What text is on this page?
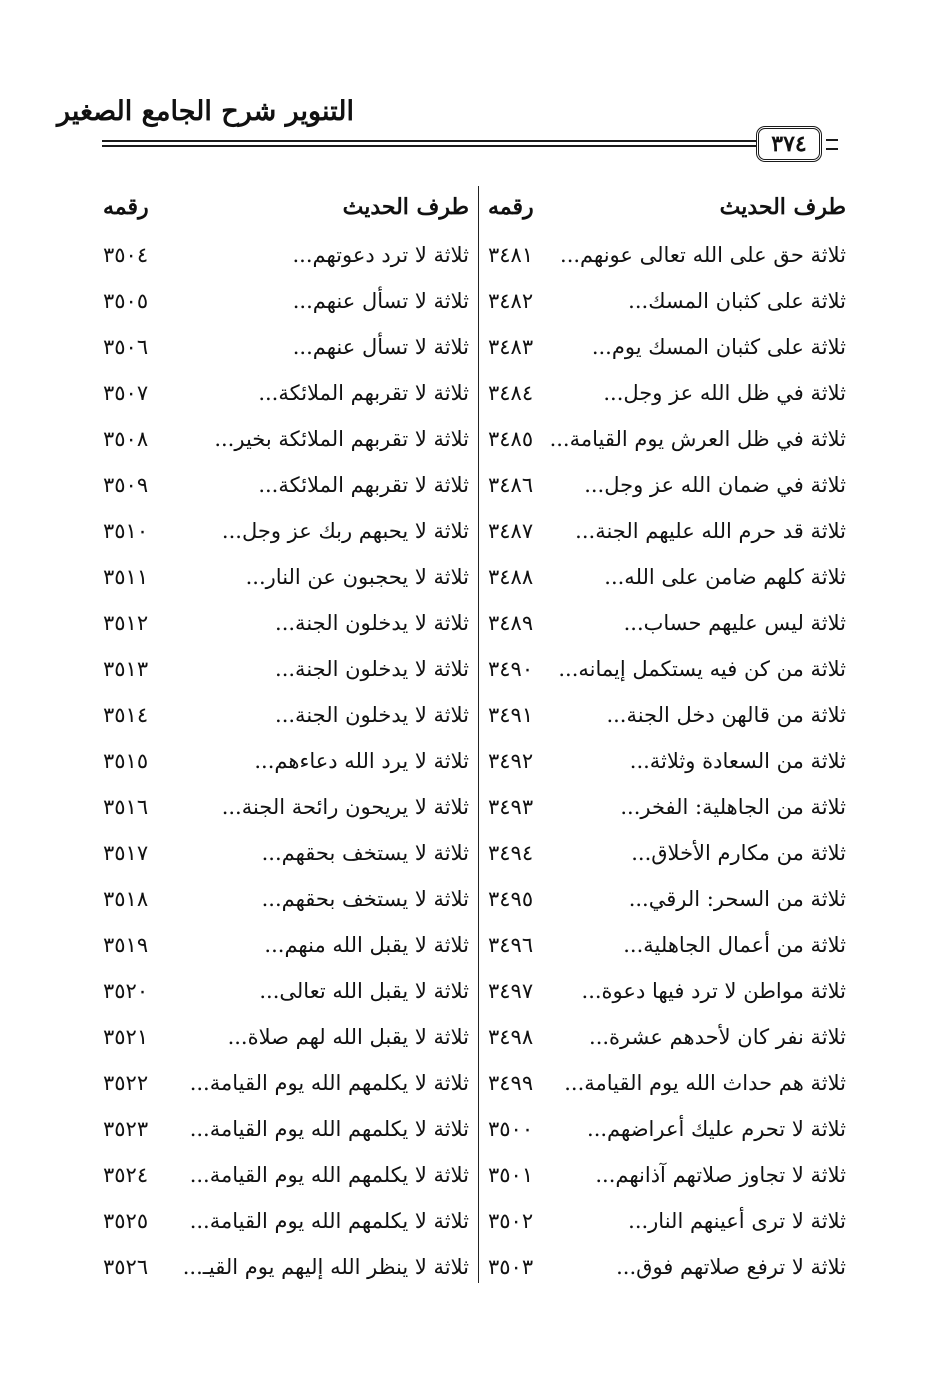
التنوير شرح الجامع الصغير
٣٧٤
طرف الحديث
رقمه
ثلاثة حق على الله تعالى عونهم...
٣٤٨١
ثلاثة على كثبان المسك...
٣٤٨٢
ثلاثة على كثبان المسك يوم...
٣٤٨٣
ثلاثة في ظل الله عز وجل...
٣٤٨٤
ثلاثة في ظل العرش يوم القيامة...
٣٤٨٥
ثلاثة في ضمان الله عز وجل...
٣٤٨٦
ثلاثة قد حرم الله عليهم الجنة...
٣٤٨٧
ثلاثة كلهم ضامن على الله...
٣٤٨٨
ثلاثة ليس عليهم حساب...
٣٤٨٩
ثلاثة من كن فيه يستكمل إيمانه...
٣٤٩٠
ثلاثة من قالهن دخل الجنة...
٣٤٩١
ثلاثة من السعادة وثلاثة...
٣٤٩٢
ثلاثة من الجاهلية: الفخر...
٣٤٩٣
ثلاثة من مكارم الأخلاق...
٣٤٩٤
ثلاثة من السحر: الرقي...
٣٤٩٥
ثلاثة من أعمال الجاهلية...
٣٤٩٦
ثلاثة مواطن لا ترد فيها دعوة...
٣٤٩٧
ثلاثة نفر كان لأحدهم عشرة...
٣٤٩٨
ثلاثة هم حداث الله يوم القيامة...
٣٤٩٩
ثلاثة لا تحرم عليك أعراضهم...
٣٥٠٠
ثلاثة لا تجاوز صلاتهم آذانهم...
٣٥٠١
ثلاثة لا ترى أعينهم النار...
٣٥٠٢
ثلاثة لا ترفع صلاتهم فوق...
٣٥٠٣
طرف الحديث
رقمه
ثلاثة لا ترد دعوتهم...
٣٥٠٤
ثلاثة لا تسأل عنهم...
٣٥٠٥
ثلاثة لا تسأل عنهم...
٣٥٠٦
ثلاثة لا تقربهم الملائكة...
٣٥٠٧
ثلاثة لا تقربهم الملائكة بخير...
٣٥٠٨
ثلاثة لا تقربهم الملائكة...
٣٥٠٩
ثلاثة لا يحبهم ربك عز وجل...
٣٥١٠
ثلاثة لا يحجبون عن النار...
٣٥١١
ثلاثة لا يدخلون الجنة...
٣٥١٢
ثلاثة لا يدخلون الجنة...
٣٥١٣
ثلاثة لا يدخلون الجنة...
٣٥١٤
ثلاثة لا يرد الله دعاءهم...
٣٥١٥
ثلاثة لا يريحون رائحة الجنة...
٣٥١٦
ثلاثة لا يستخف بحقهم...
٣٥١٧
ثلاثة لا يستخف بحقهم...
٣٥١٨
ثلاثة لا يقبل الله منهم...
٣٥١٩
ثلاثة لا يقبل الله تعالى...
٣٥٢٠
ثلاثة لا يقبل الله لهم صلاة...
٣٥٢١
ثلاثة لا يكلمهم الله يوم القيامة...
٣٥٢٢
ثلاثة لا يكلمهم الله يوم القيامة...
٣٥٢٣
ثلاثة لا يكلمهم الله يوم القيامة...
٣٥٢٤
ثلاثة لا يكلمهم الله يوم القيامة...
٣٥٢٥
ثلاثة لا ينظر الله إليهم يوم القيـ...
٣٥٢٦
